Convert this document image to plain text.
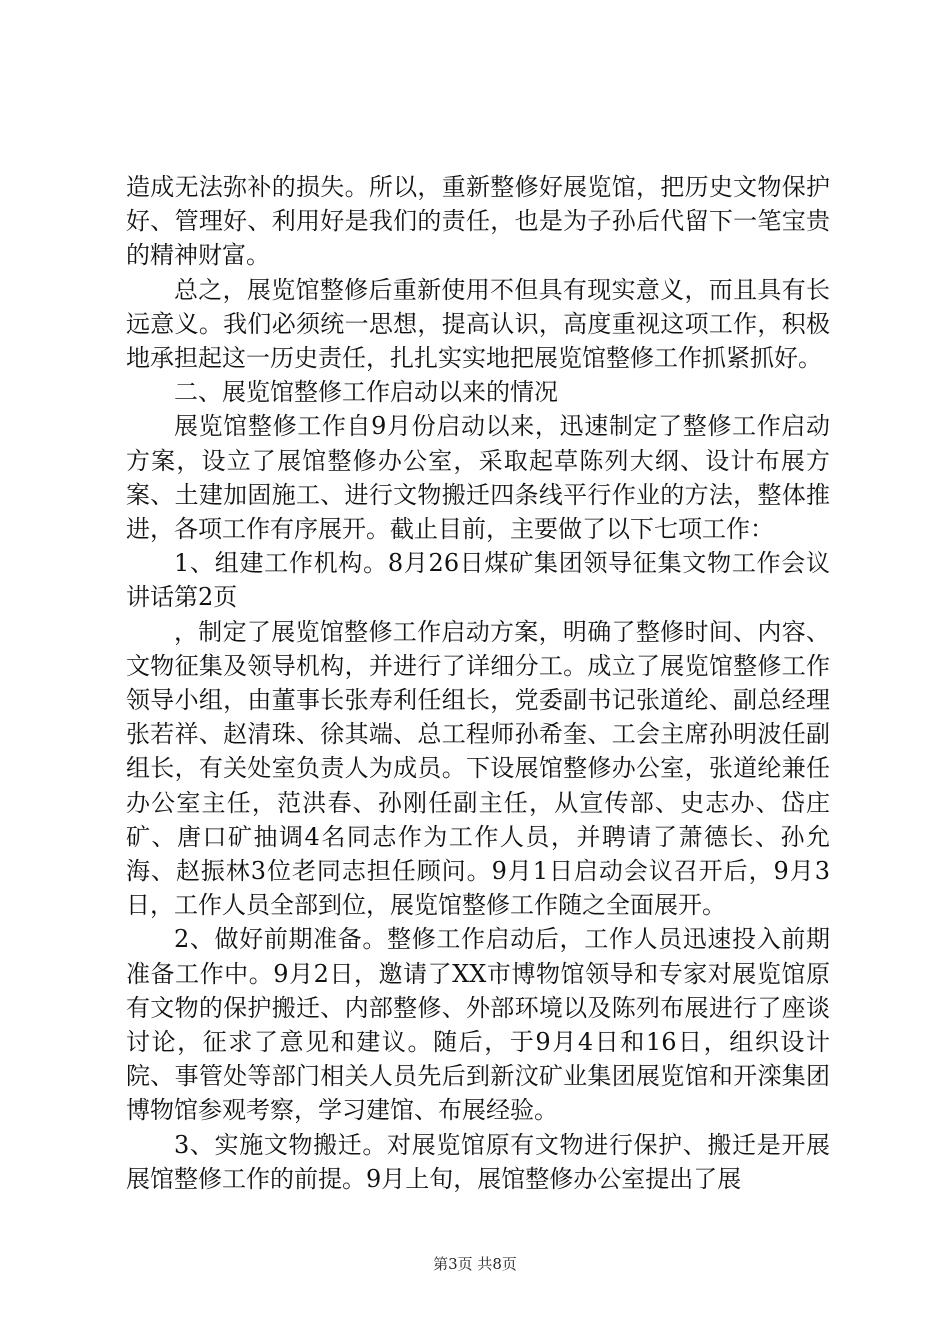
造成无法弥补的损失。所以，重新整修好展览馆，把历史文物保护好、管理好、利用好是我们的责任，也是为子孙后代留下一笔宝贵的精神财富。

总之，展览馆整修后重新使用不但具有现实意义，而且具有长远意义。我们必须统一思想，提高认识，高度重视这项工作，积极地承担起这一历史责任，扎扎实实地把展览馆整修工作抓紧抓好。

二、展览馆整修工作启动以来的情况

展览馆整修工作自9月份启动以来，迅速制定了整修工作启动方案，设立了展馆整修办公室，采取起草陈列大纲、设计布展方案、土建加固施工、进行文物搬迁四条线平行作业的方法，整体推进，各项工作有序展开。截止目前，主要做了以下七项工作：

1、组建工作机构。8月26日煤矿集团领导征集文物工作会议讲话第2页

，制定了展览馆整修工作启动方案，明确了整修时间、内容、文物征集及领导机构，并进行了详细分工。成立了展览馆整修工作领导小组，由董事长张寿利任组长，党委副书记张道纶、副总经理张若祥、赵清珠、徐其端、总工程师孙希奎、工会主席孙明波任副组长，有关处室负责人为成员。下设展馆整修办公室，张道纶兼任办公室主任，范洪春、孙刚任副主任，从宣传部、史志办、岱庄矿、唐口矿抽调4名同志作为工作人员，并聘请了萧德长、孙允海、赵振林3位老同志担任顾问。9月1日启动会议召开后，9月3日，工作人员全部到位，展览馆整修工作随之全面展开。

2、做好前期准备。整修工作启动后，工作人员迅速投入前期准备工作中。9月2日，邀请了XX市博物馆领导和专家对展览馆原有文物的保护搬迁、内部整修、外部环境以及陈列布展进行了座谈讨论，征求了意见和建议。随后，于9月4日和16日，组织设计院、事管处等部门相关人员先后到新汶矿业集团展览馆和开滦集团博物馆参观考察，学习建馆、布展经验。

3、实施文物搬迁。对展览馆原有文物进行保护、搬迁是开展展馆整修工作的前提。9月上旬，展馆整修办公室提出了展

第3页 共8页
